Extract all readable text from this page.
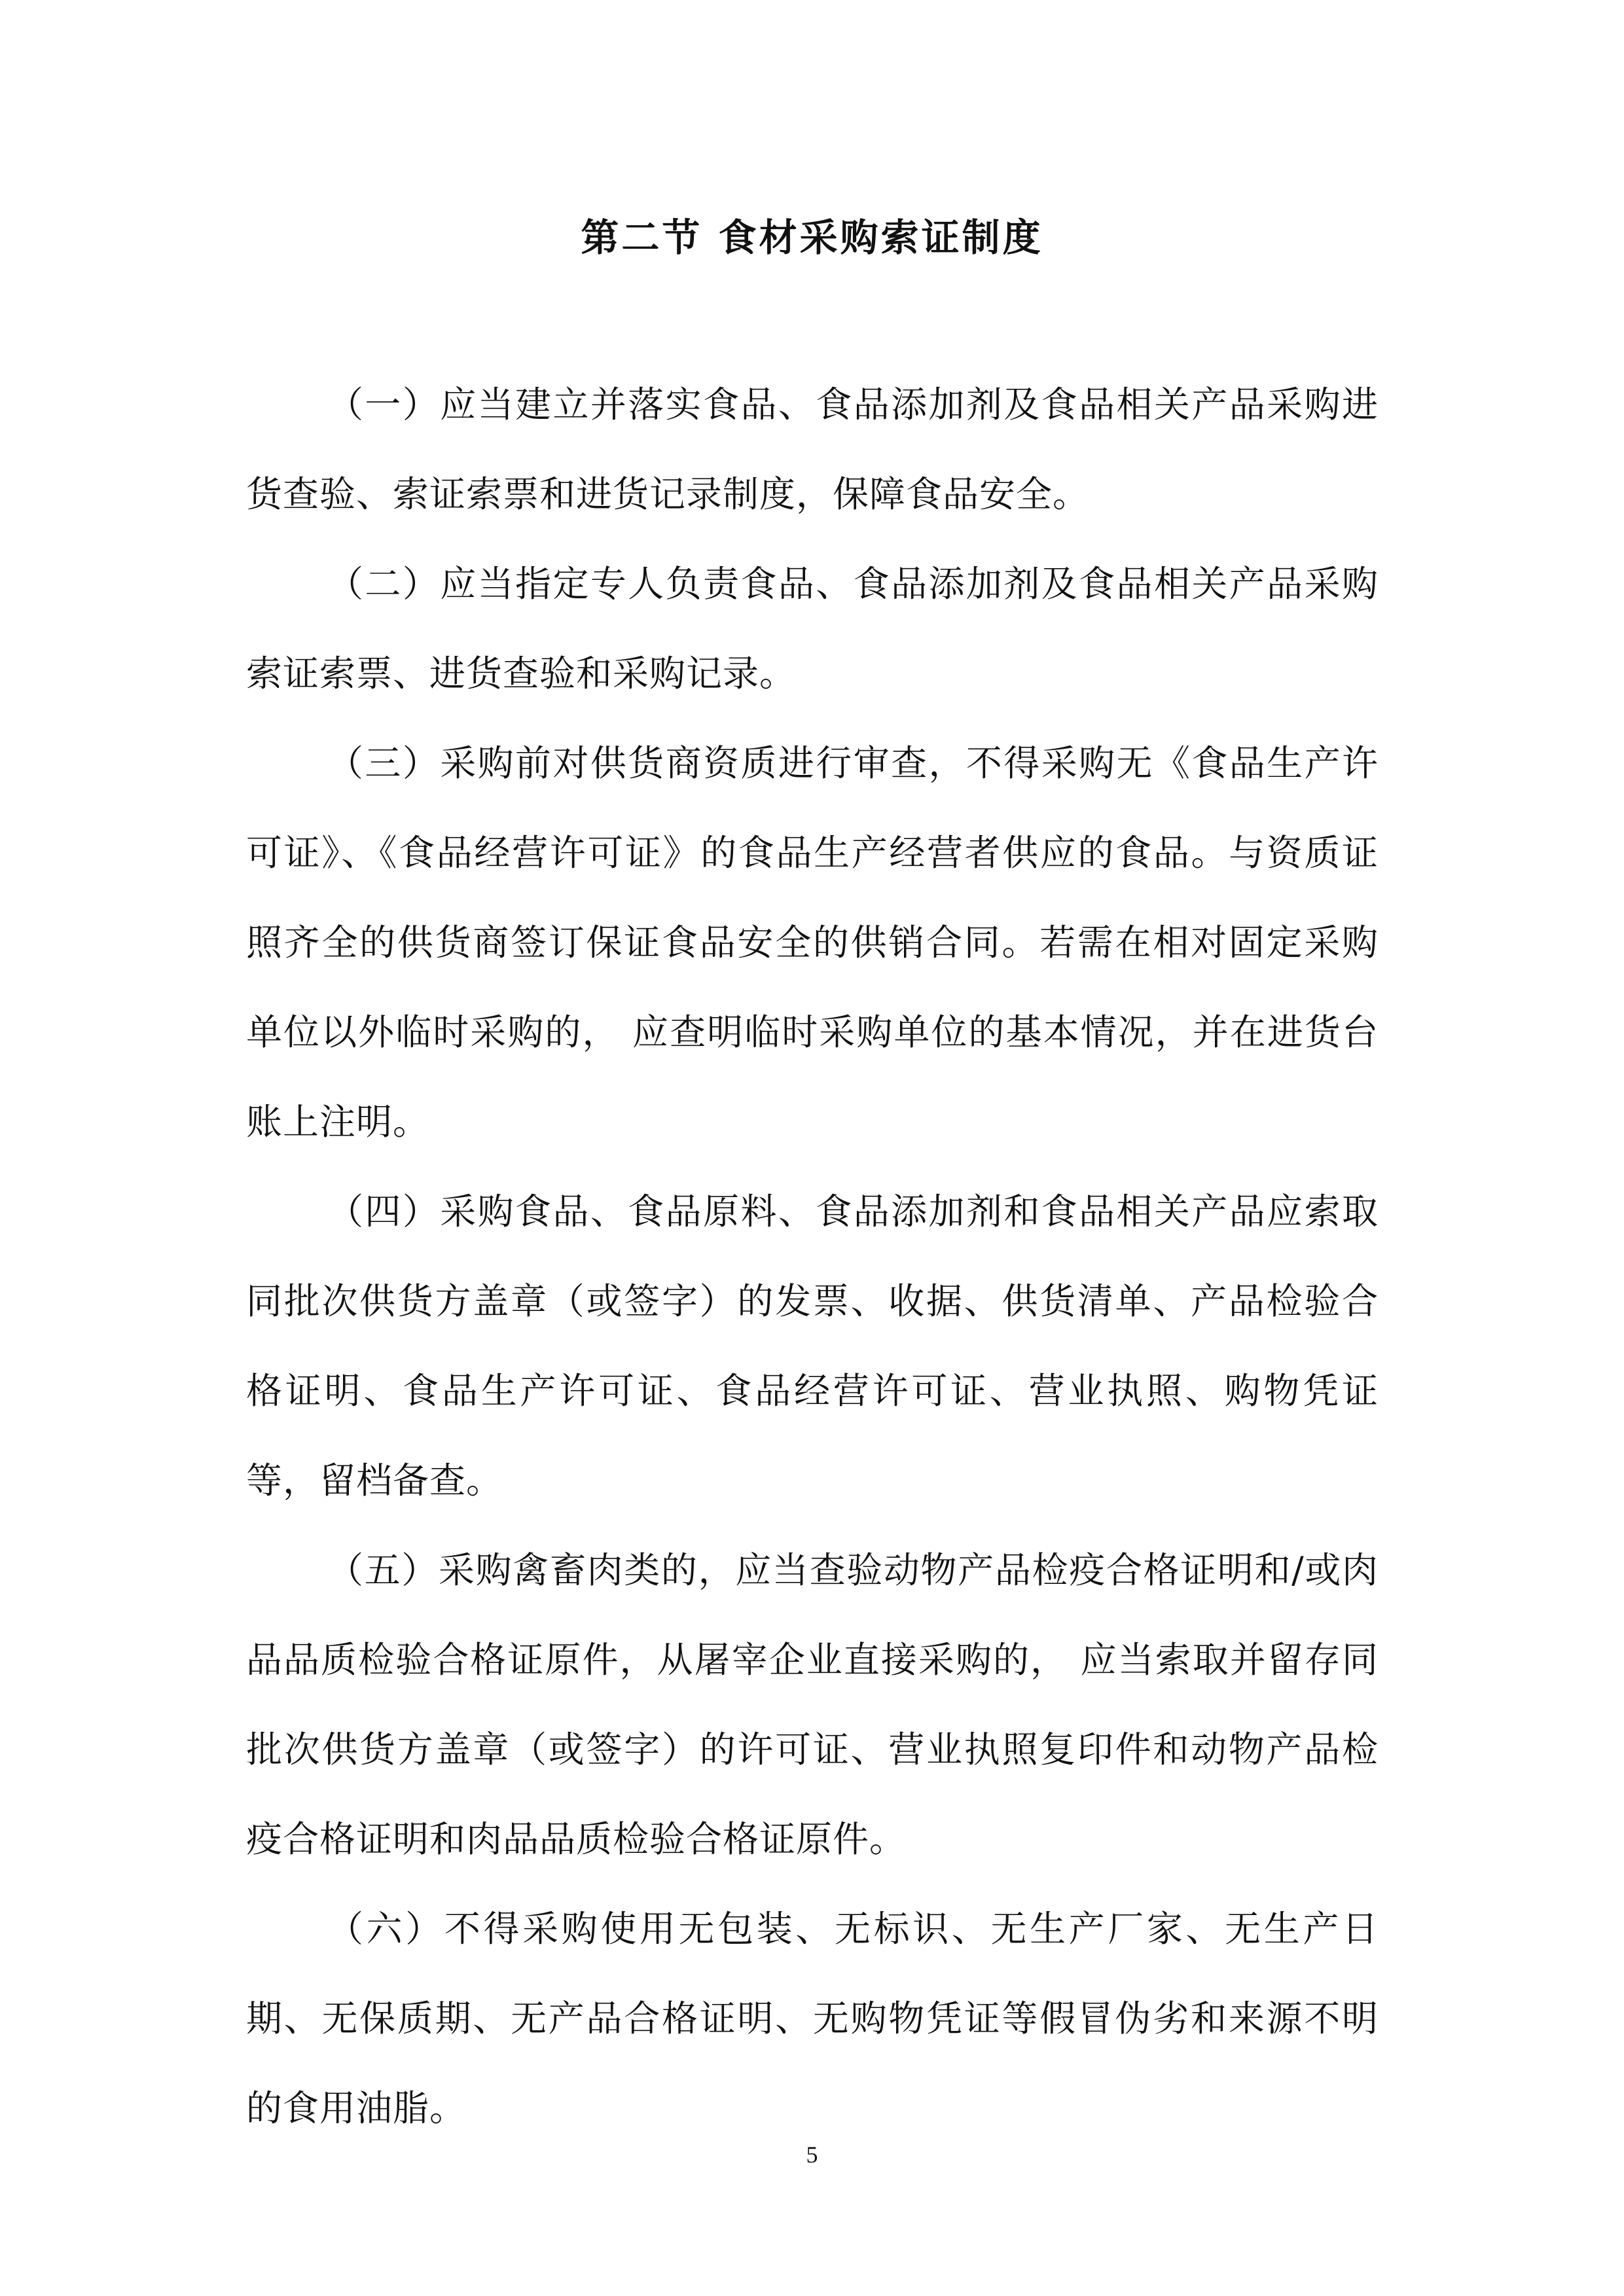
第二节 食材采购索证制度

（一）应当建立并落实食品、食品添加剂及食品相关产品采购进货查验、索证索票和进货记录制度，保障食品安全。

（二）应当指定专人负责食品、食品添加剂及食品相关产品采购索证索票、进货查验和采购记录。

（三）采购前对供货商资质进行审查，不得采购无《食品生产许可证》、《食品经营许可证》的食品生产经营者供应的食品。与资质证照齐全的供货商签订保证食品安全的供销合同。若需在相对固定采购单位以外临时采购的， 应查明临时采购单位的基本情况，并在进货台账上注明。

（四）采购食品、食品原料、食品添加剂和食品相关产品应索取同批次供货方盖章（或签字）的发票、收据、供货清单、产品检验合格证明、食品生产许可证、食品经营许可证、营业执照、购物凭证等，留档备查。

（五）采购禽畜肉类的，应当查验动物产品检疫合格证明和/或肉品品质检验合格证原件，从屠宰企业直接采购的， 应当索取并留存同 批次供货方盖章（或签字）的许可证、营业执照复印件和动物产品检疫合格证明和肉品品质检验合格证原件。

（六）不得采购使用无包装、无标识、无生产厂家、无生产日期、无保质期、无产品合格证明、无购物凭证等假冒伪劣和来源不明的食用油脂。

5
